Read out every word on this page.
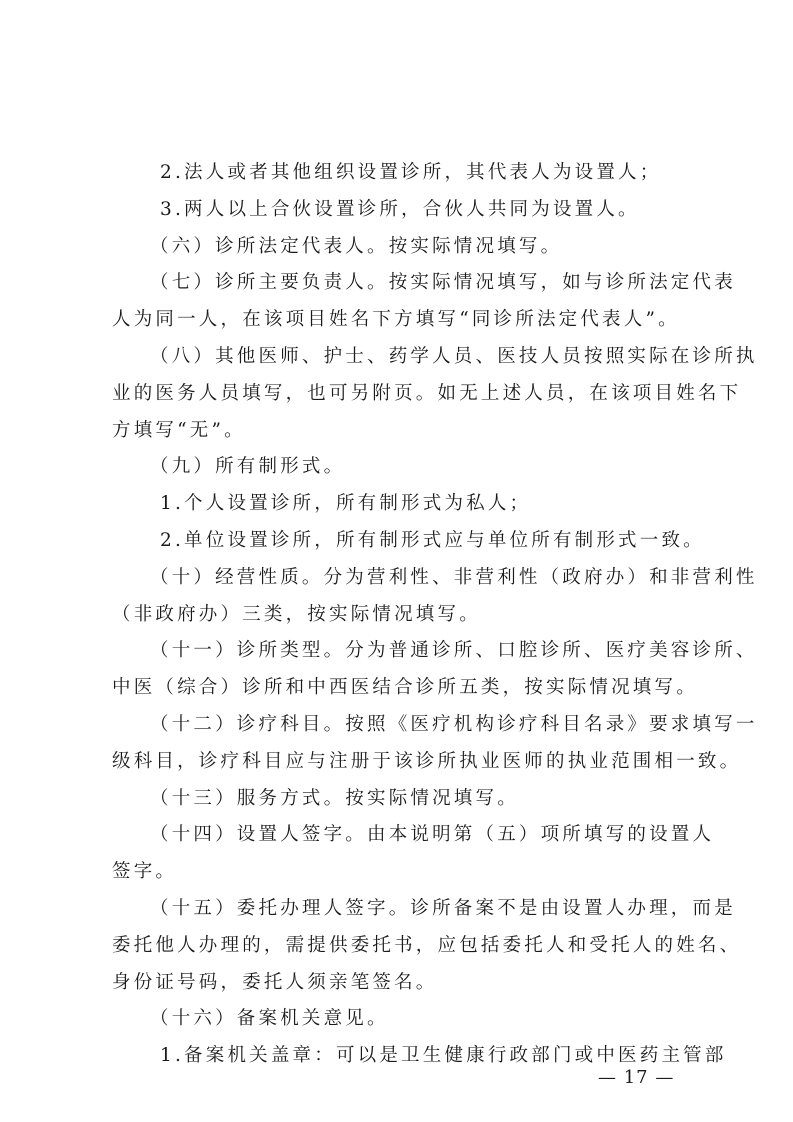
2.法人或者其他组织设置诊所，其代表人为设置人；
3.两人以上合伙设置诊所，合伙人共同为设置人。
（六）诊所法定代表人。按实际情况填写。
（七）诊所主要负责人。按实际情况填写，如与诊所法定代表
人为同一人，在该项目姓名下方填写“同诊所法定代表人”。
（八）其他医师、护士、药学人员、医技人员按照实际在诊所执
业的医务人员填写，也可另附页。如无上述人员，在该项目姓名下
方填写“无”。
（九）所有制形式。
1.个人设置诊所，所有制形式为私人；
2.单位设置诊所，所有制形式应与单位所有制形式一致。
（十）经营性质。分为营利性、非营利性（政府办）和非营利性
（非政府办）三类，按实际情况填写。
（十一）诊所类型。分为普通诊所、口腔诊所、医疗美容诊所、
中医（综合）诊所和中西医结合诊所五类，按实际情况填写。
（十二）诊疗科目。按照《医疗机构诊疗科目名录》要求填写一
级科目，诊疗科目应与注册于该诊所执业医师的执业范围相一致。
（十三）服务方式。按实际情况填写。
（十四）设置人签字。由本说明第（五）项所填写的设置人
签字。
（十五）委托办理人签字。诊所备案不是由设置人办理，而是
委托他人办理的，需提供委托书，应包括委托人和受托人的姓名、
身份证号码，委托人须亲笔签名。
（十六）备案机关意见。
1.备案机关盖章：可以是卫生健康行政部门或中医药主管部
— 17 —
